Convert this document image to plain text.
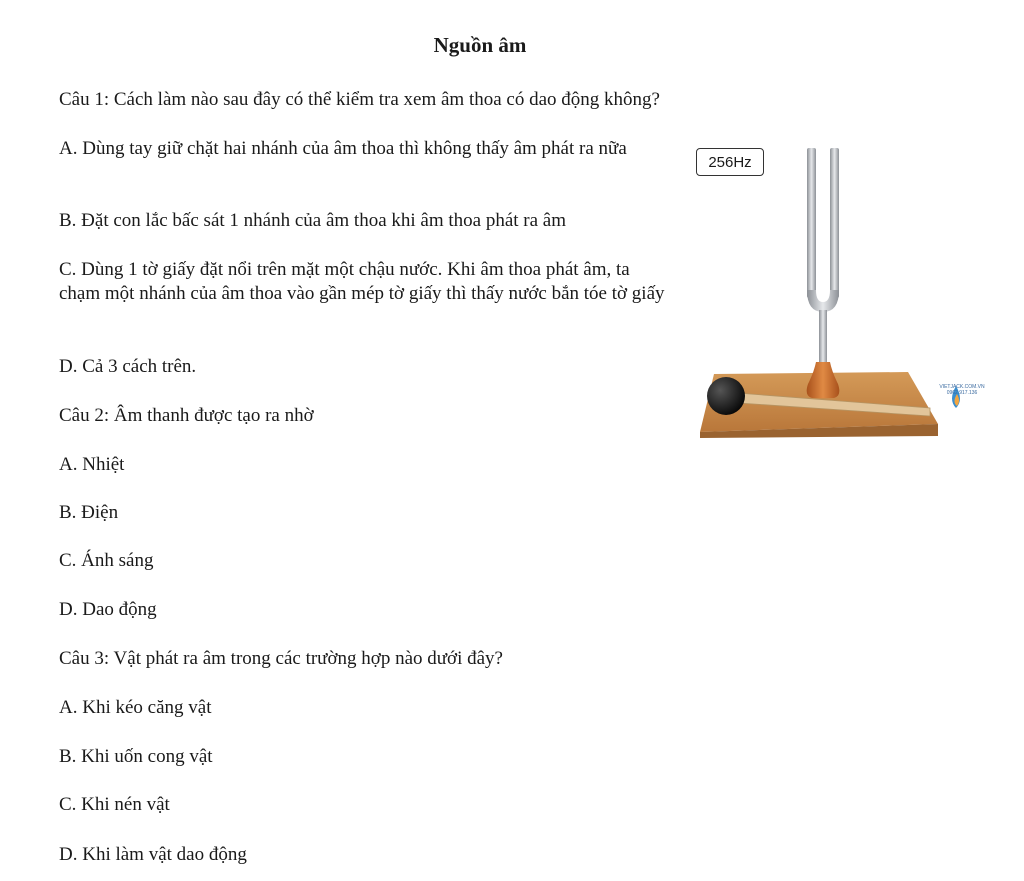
Nguồn âm
Câu 1: Cách làm nào sau đây có thể kiểm tra xem âm thoa có dao động không?
A. Dùng tay giữ chặt hai nhánh của âm thoa thì không thấy âm phát ra nữa
B. Đặt con lắc bấc sát 1 nhánh của âm thoa khi âm thoa phát ra âm
C. Dùng 1 tờ giấy đặt nổi trên mặt một chậu nước. Khi âm thoa phát âm, ta chạm một nhánh của âm thoa vào gần mép tờ giấy thì thấy nước bắn tóe tờ giấy
D. Cả 3 cách trên.
Câu 2: Âm thanh được tạo ra nhờ
A. Nhiệt
B. Điện
C. Ánh sáng
D. Dao động
Câu 3: Vật phát ra âm trong các trường hợp nào dưới đây?
A. Khi kéo căng vật
B. Khi uốn cong vật
C. Khi nén vật
D. Khi làm vật dao động
256Hz
VIETJACK.COM.VN
0962.917.136
